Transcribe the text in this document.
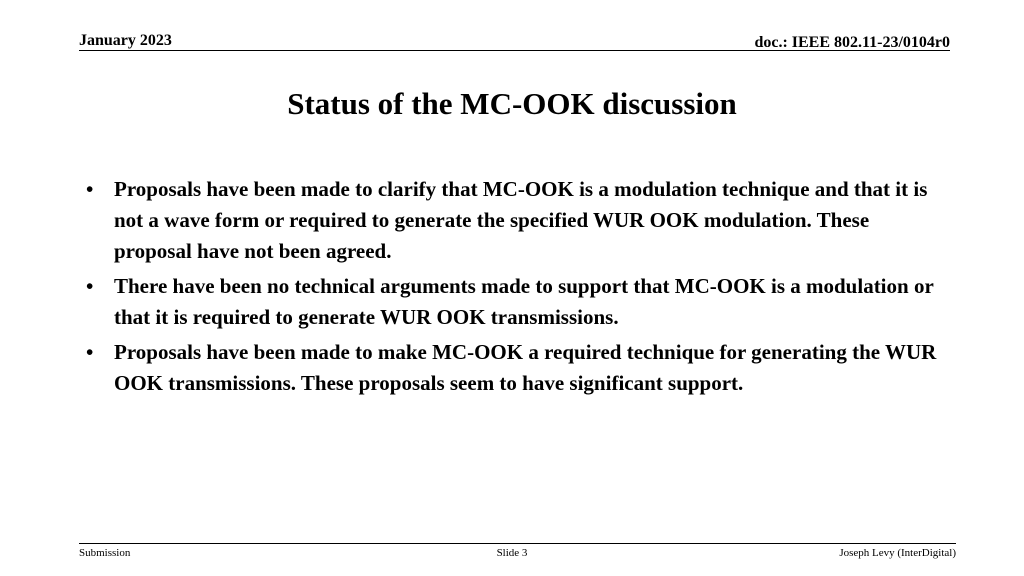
January 2023	doc.: IEEE 802.11-23/0104r0
Status of the MC-OOK discussion
• Proposals have been made to clarify that MC-OOK is a modulation technique and that it is not a wave form or required to generate the specified WUR OOK modulation. These proposal have not been agreed.
• There have been no technical arguments made to support that MC-OOK is a modulation or that it is required to generate WUR OOK transmissions.
• Proposals have been made to make MC-OOK a required technique for generating the WUR OOK transmissions. These proposals seem to have significant support.
Submission	Slide 3	Joseph Levy (InterDigital)
